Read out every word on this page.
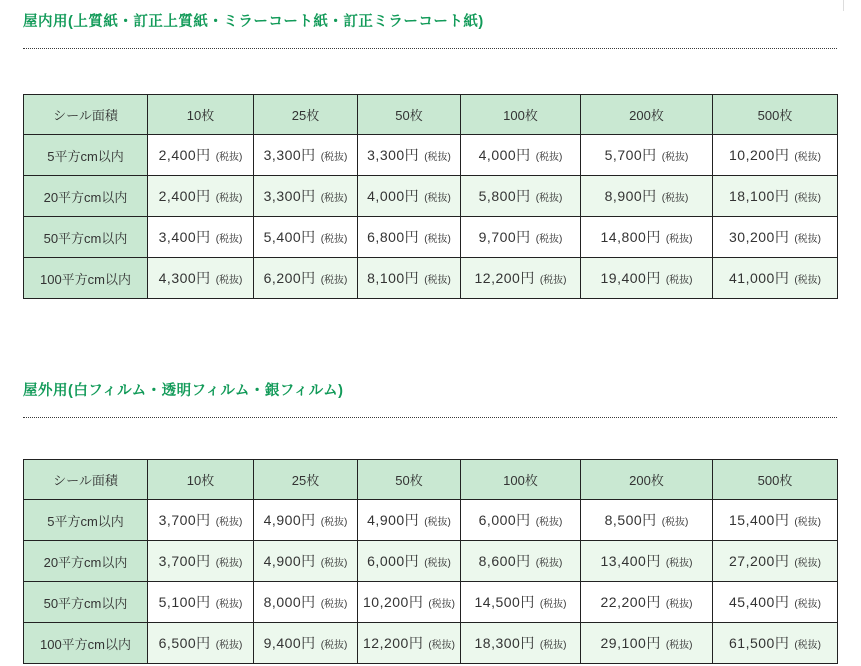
屋内用(上質紙・訂正上質紙・ミラーコート紙・訂正ミラーコート紙)
シール面積	10枚	25枚	50枚	100枚	200枚	500枚
5平方cm以内	2,400円 (税抜)	3,300円 (税抜)	3,300円 (税抜)	4,000円 (税抜)	5,700円 (税抜)	10,200円 (税抜)
20平方cm以内	2,400円 (税抜)	3,300円 (税抜)	4,000円 (税抜)	5,800円 (税抜)	8,900円 (税抜)	18,100円 (税抜)
50平方cm以内	3,400円 (税抜)	5,400円 (税抜)	6,800円 (税抜)	9,700円 (税抜)	14,800円 (税抜)	30,200円 (税抜)
100平方cm以内	4,300円 (税抜)	6,200円 (税抜)	8,100円 (税抜)	12,200円 (税抜)	19,400円 (税抜)	41,000円 (税抜)
屋外用(白フィルム・透明フィルム・銀フィルム)
シール面積	10枚	25枚	50枚	100枚	200枚	500枚
5平方cm以内	3,700円 (税抜)	4,900円 (税抜)	4,900円 (税抜)	6,000円 (税抜)	8,500円 (税抜)	15,400円 (税抜)
20平方cm以内	3,700円 (税抜)	4,900円 (税抜)	6,000円 (税抜)	8,600円 (税抜)	13,400円 (税抜)	27,200円 (税抜)
50平方cm以内	5,100円 (税抜)	8,000円 (税抜)	10,200円 (税抜)	14,500円 (税抜)	22,200円 (税抜)	45,400円 (税抜)
100平方cm以内	6,500円 (税抜)	9,400円 (税抜)	12,200円 (税抜)	18,300円 (税抜)	29,100円 (税抜)	61,500円 (税抜)
